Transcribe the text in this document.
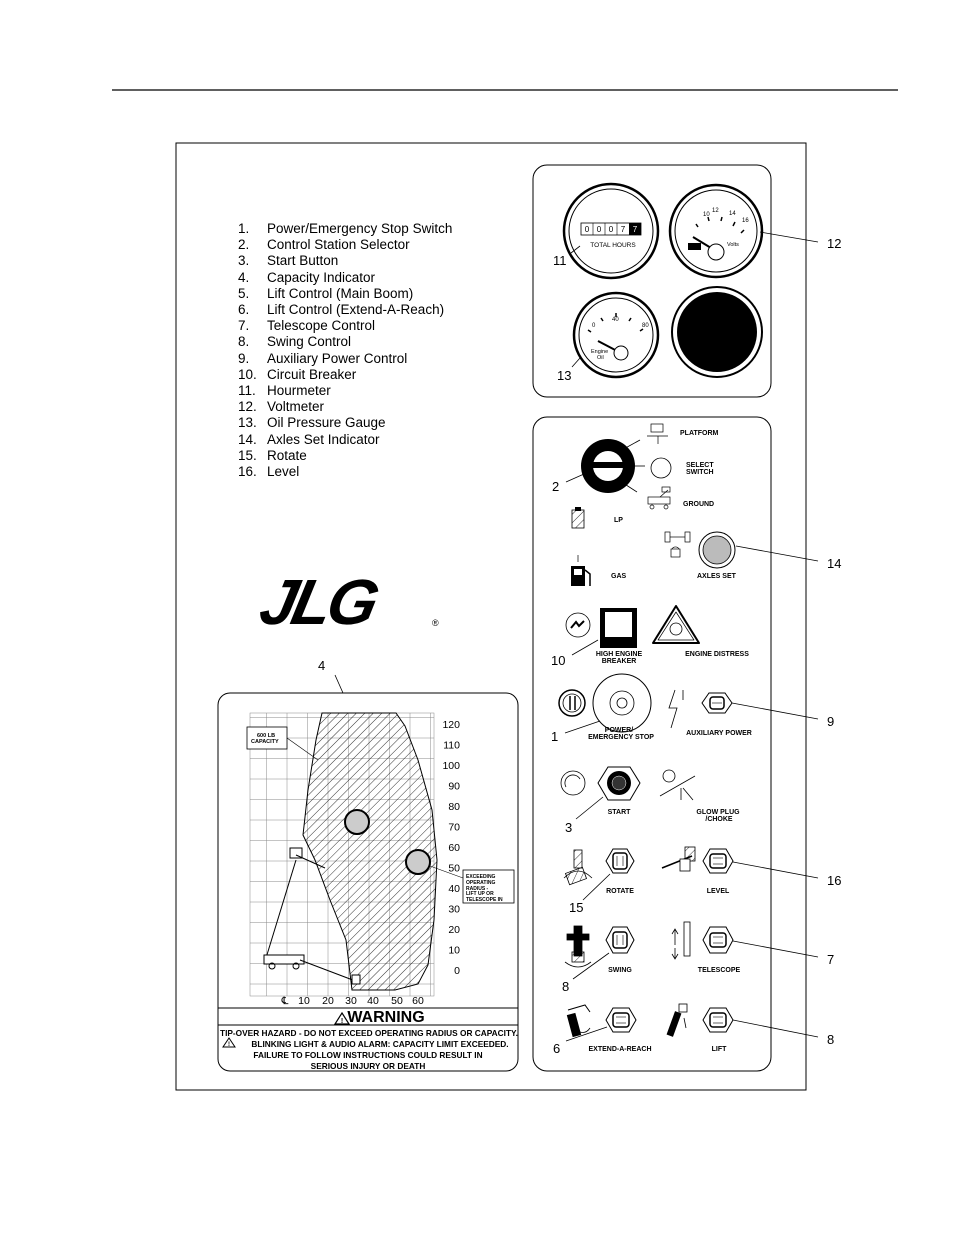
0 0 0 7 7
TOTAL HOURS
11
10
12 14
16
Volts	12
0
40
80
Engine
Oil
13
PLATFORM
SELECT
SWITCH
GROUND
2
LP
GAS	AXLES SET
14
HIGH ENGINE
BREAKER
10	ENGINE DISTRESS
POWER/
EMERGENCY STOP
1	AUXILIARY POWER
9
START
3
GLOW PLUG
/CHOKE
ROTATE
15
LEVEL
16
SWING
8
TELESCOPE
7
EXTEND-A-REACH
6	LIFT
8
JLG	®
4
600 LB
CAPACITY
EXCEEDING
OPERATING
RADIUS -
LIFT UP OR
TELESCOPE IN
120
110
100
90
80
70
60
50
40
30
20
10
0
℄ 10 20 30 40 50 60
!
!
1. Power/Emergency Stop Switch
2. Control Station Selector
3. Start Button
4. Capacity Indicator
5. Lift Control (Main Boom)
6. Lift Control (Extend-A-Reach)
7. Telescope Control
8. Swing Control
9. Auxiliary Power Control
10. Circuit Breaker
11. Hourmeter
12. Voltmeter
13. Oil Pressure Gauge
14. Axles Set Indicator
15. Rotate
16. Level
WARNING
TIP-OVER HAZARD - DO NOT EXCEED OPERATING RADIUS OR CAPACITY.
BLINKING LIGHT & AUDIO ALARM: CAPACITY LIMIT EXCEEDED.
FAILURE TO FOLLOW INSTRUCTIONS COULD RESULT IN
SERIOUS INJURY OR DEATH
